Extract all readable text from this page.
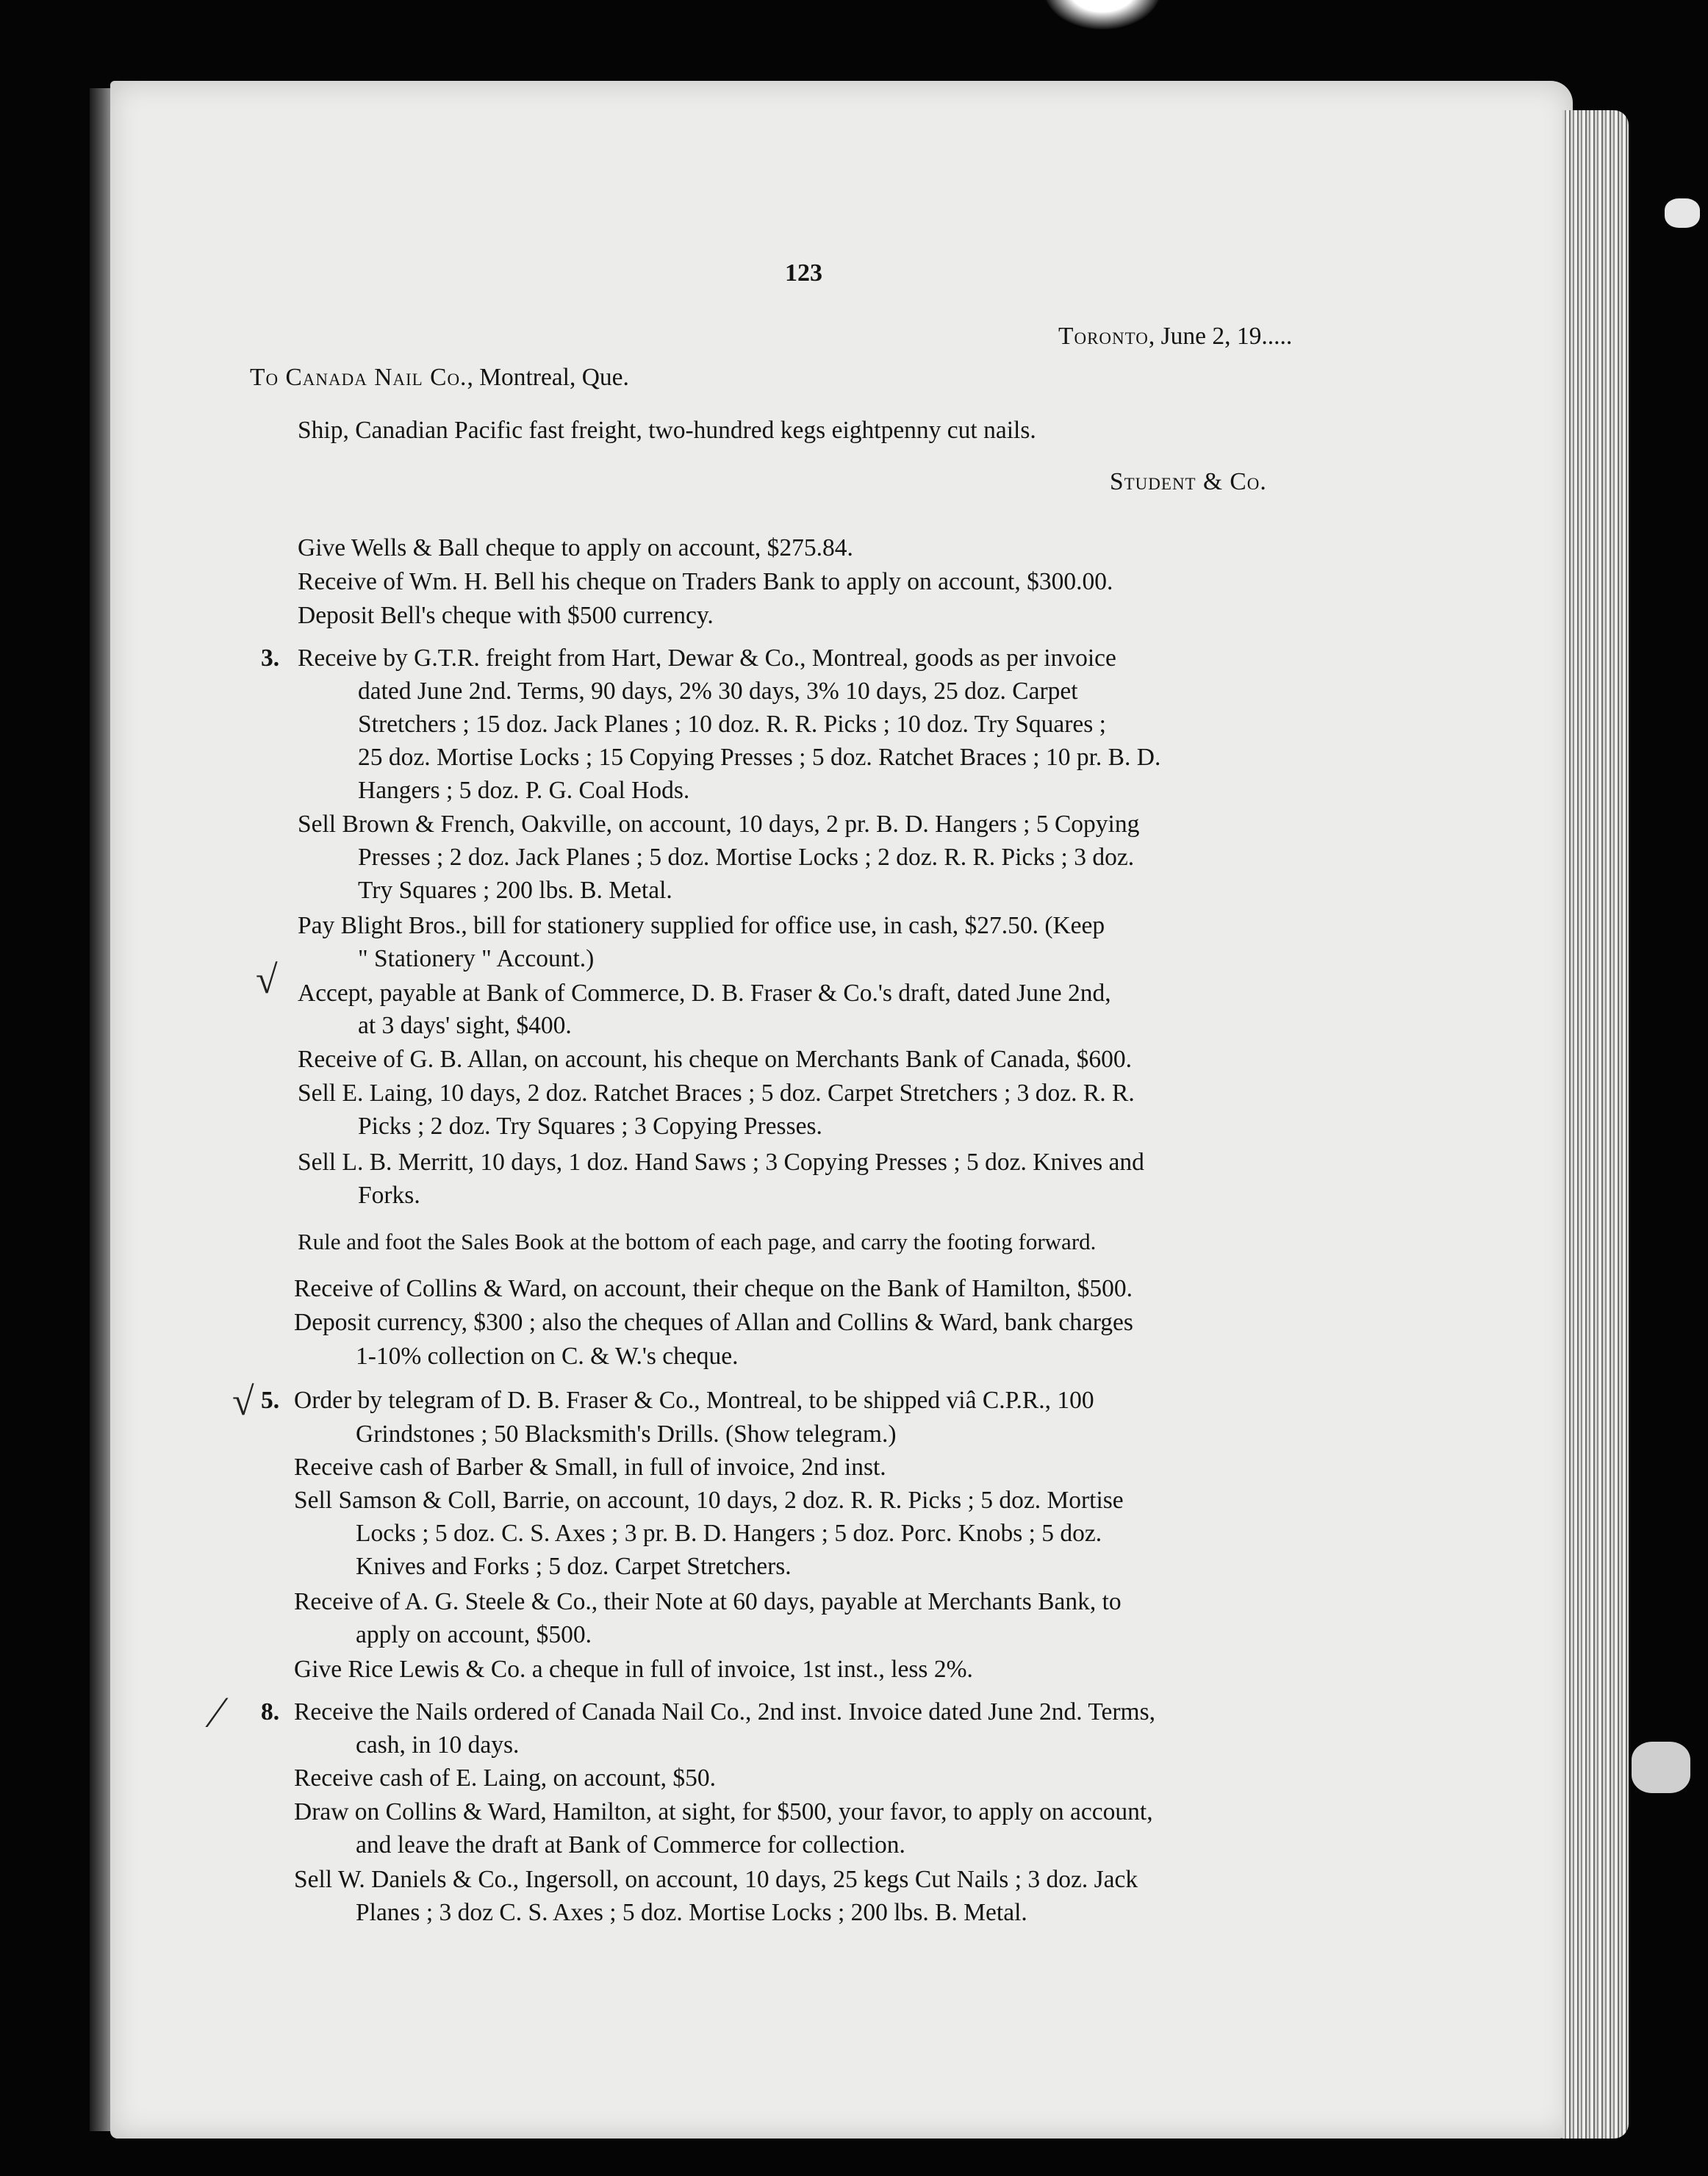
123
Toronto, June 2, 19.....
To Canada Nail Co., Montreal, Que.
Ship, Canadian Pacific fast freight, two-hundred kegs eightpenny cut nails.
Student & Co.
Give Wells & Ball cheque to apply on account, $275.84.
Receive of Wm. H. Bell his cheque on Traders Bank to apply on account, $300.00.
Deposit Bell's cheque with $500 currency.
3. Receive by G.T.R. freight from Hart, Dewar & Co., Montreal, goods as per invoice
dated June 2nd. Terms, 90 days, 2% 30 days, 3% 10 days, 25 doz. Carpet
Stretchers ; 15 doz. Jack Planes ; 10 doz. R. R. Picks ; 10 doz. Try Squares ;
25 doz. Mortise Locks ; 15 Copying Presses ; 5 doz. Ratchet Braces ; 10 pr. B. D.
Hangers ; 5 doz. P. G. Coal Hods.
Sell Brown & French, Oakville, on account, 10 days, 2 pr. B. D. Hangers ; 5 Copying
Presses ; 2 doz. Jack Planes ; 5 doz. Mortise Locks ; 2 doz. R. R. Picks ; 3 doz.
Try Squares ; 200 lbs. B. Metal.
Pay Blight Bros., bill for stationery supplied for office use, in cash, $27.50. (Keep
" Stationery " Account.)
√ Accept, payable at Bank of Commerce, D. B. Fraser & Co.'s draft, dated June 2nd,
at 3 days' sight, $400.
Receive of G. B. Allan, on account, his cheque on Merchants Bank of Canada, $600.
Sell E. Laing, 10 days, 2 doz. Ratchet Braces ; 5 doz. Carpet Stretchers ; 3 doz. R. R.
Picks ; 2 doz. Try Squares ; 3 Copying Presses.
Sell L. B. Merritt, 10 days, 1 doz. Hand Saws ; 3 Copying Presses ; 5 doz. Knives and
Forks.
Rule and foot the Sales Book at the bottom of each page, and carry the footing forward.
Receive of Collins & Ward, on account, their cheque on the Bank of Hamilton, $500.
Deposit currency, $300 ; also the cheques of Allan and Collins & Ward, bank charges
1-10% collection on C. & W.'s cheque.
√ 5. Order by telegram of D. B. Fraser & Co., Montreal, to be shipped viâ C.P.R., 100
Grindstones ; 50 Blacksmith's Drills. (Show telegram.)
Receive cash of Barber & Small, in full of invoice, 2nd inst.
Sell Samson & Coll, Barrie, on account, 10 days, 2 doz. R. R. Picks ; 5 doz. Mortise
Locks ; 5 doz. C. S. Axes ; 3 pr. B. D. Hangers ; 5 doz. Porc. Knobs ; 5 doz.
Knives and Forks ; 5 doz. Carpet Stretchers.
Receive of A. G. Steele & Co., their Note at 60 days, payable at Merchants Bank, to
apply on account, $500.
Give Rice Lewis & Co. a cheque in full of invoice, 1st inst., less 2%.
⁄ 8. Receive the Nails ordered of Canada Nail Co., 2nd inst. Invoice dated June 2nd. Terms,
cash, in 10 days.
Receive cash of E. Laing, on account, $50.
Draw on Collins & Ward, Hamilton, at sight, for $500, your favor, to apply on account,
and leave the draft at Bank of Commerce for collection.
Sell W. Daniels & Co., Ingersoll, on account, 10 days, 25 kegs Cut Nails ; 3 doz. Jack
Planes ; 3 doz C. S. Axes ; 5 doz. Mortise Locks ; 200 lbs. B. Metal.
